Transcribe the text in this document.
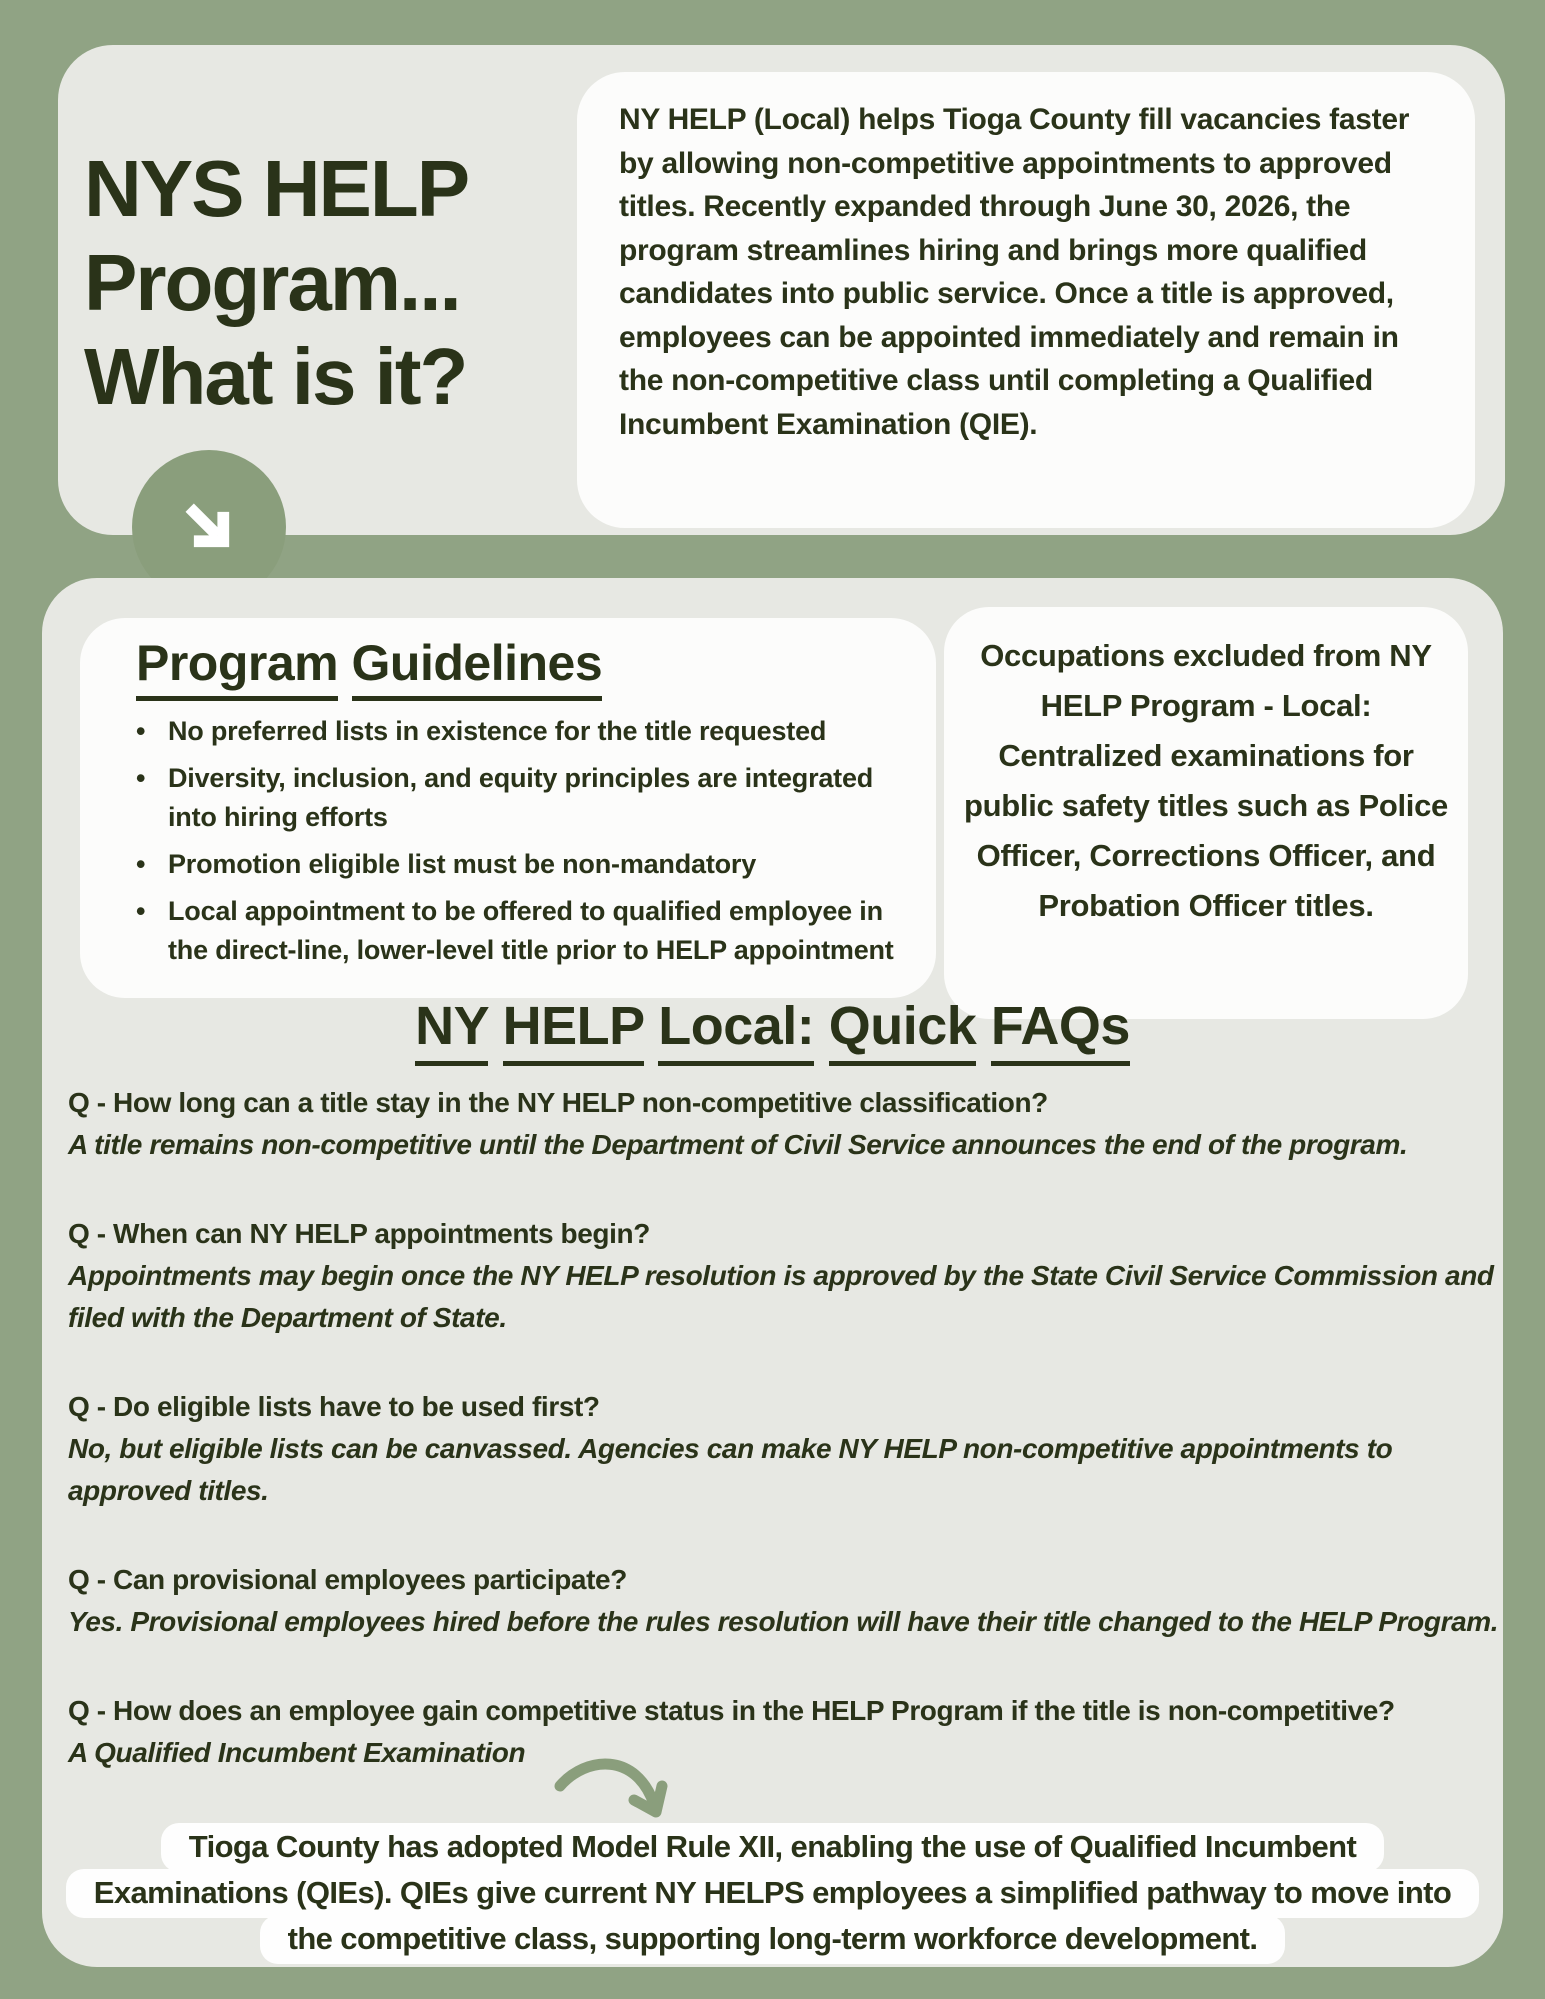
NYS HELP
Program...
What is it?

NY HELP (Local) helps Tioga County fill vacancies faster by allowing non-competitive appointments to approved titles. Recently expanded through June 30, 2026, the program streamlines hiring and brings more qualified candidates into public service. Once a title is approved, employees can be appointed immediately and remain in the non-competitive class until completing a Qualified Incumbent Examination (QIE).

Program Guidelines
• No preferred lists in existence for the title requested
• Diversity, inclusion, and equity principles are integrated into hiring efforts
• Promotion eligible list must be non-mandatory
• Local appointment to be offered to qualified employee in the direct-line, lower-level title prior to HELP appointment

Occupations excluded from NY HELP Program - Local: Centralized examinations for public safety titles such as Police Officer, Corrections Officer, and Probation Officer titles.

NY HELP Local: Quick FAQs
Q - How long can a title stay in the NY HELP non-competitive classification?
A title remains non-competitive until the Department of Civil Service announces the end of the program.
Q - When can NY HELP appointments begin?
Appointments may begin once the NY HELP resolution is approved by the State Civil Service Commission and filed with the Department of State.
Q - Do eligible lists have to be used first?
No, but eligible lists can be canvassed. Agencies can make NY HELP non-competitive appointments to approved titles.
Q - Can provisional employees participate?
Yes. Provisional employees hired before the rules resolution will have their title changed to the HELP Program.
Q - How does an employee gain competitive status in the HELP Program if the title is non-competitive?
A Qualified Incumbent Examination
Tioga County has adopted Model Rule XII, enabling the use of Qualified Incumbent
Examinations (QIEs). QIEs give current NY HELPS employees a simplified pathway to move into
the competitive class, supporting long-term workforce development.
